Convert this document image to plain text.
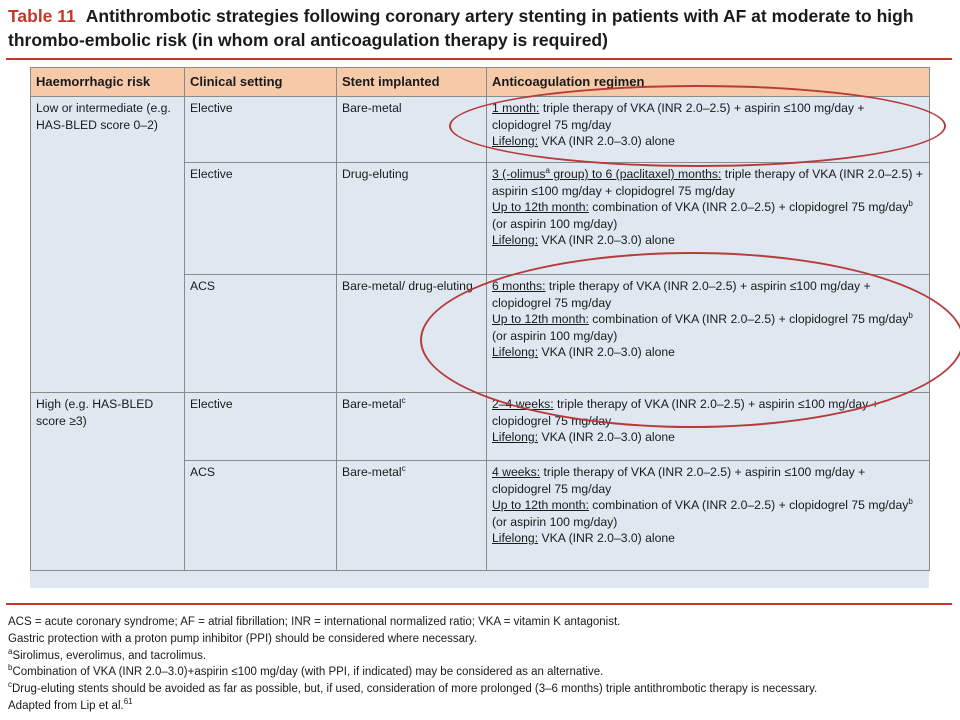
Table 11 Antithrombotic strategies following coronary artery stenting in patients with AF at moderate to high thrombo-embolic risk (in whom oral anticoagulation therapy is required)
Haemorrhagic risk	Clinical setting	Stent implanted	Anticoagulation regimen
Low or intermediate (e.g. HAS-BLED score 0–2)	Elective	Bare-metal	1 month: triple therapy of VKA (INR 2.0–2.5) + aspirin ≤100 mg/day + clopidogrel 75 mg/day
Lifelong: VKA (INR 2.0–3.0) alone

	Elective	Drug-eluting	3 (-olimus$^a$ group) to 6 (paclitaxel) months: triple therapy of VKA (INR 2.0–2.5) + aspirin ≤100 mg/day + clopidogrel 75 mg/day
Up to 12th month: combination of VKA (INR 2.0–2.5) + clopidogrel 75 mg/day$^b$
(or aspirin 100 mg/day)
Lifelong: VKA (INR 2.0–3.0) alone

	ACS	Bare-metal/ drug-eluting	6 months: triple therapy of VKA (INR 2.0–2.5) + aspirin ≤100 mg/day + clopidogrel 75 mg/day
Up to 12th month: combination of VKA (INR 2.0–2.5) + clopidogrel 75 mg/day$^b$
(or aspirin 100 mg/day)
Lifelong: VKA (INR 2.0–3.0) alone

High (e.g. HAS-BLED score ≥3)	Elective	Bare-metal$^c$	2–4 weeks: triple therapy of VKA (INR 2.0–2.5) + aspirin ≤100 mg/day + clopidogrel 75 mg/day
Lifelong: VKA (INR 2.0–3.0) alone

	ACS	Bare-metal$^c$	4 weeks: triple therapy of VKA (INR 2.0–2.5) + aspirin ≤100 mg/day + clopidogrel 75 mg/day
Up to 12th month: combination of VKA (INR 2.0–2.5) + clopidogrel 75 mg/day$^b$
(or aspirin 100 mg/day)
Lifelong: VKA (INR 2.0–3.0) alone
ACS = acute coronary syndrome; AF = atrial fibrillation; INR = international normalized ratio; VKA = vitamin K antagonist.
Gastric protection with a proton pump inhibitor (PPI) should be considered where necessary.
$^a$Sirolimus, everolimus, and tacrolimus.
$^b$Combination of VKA (INR 2.0–3.0)+aspirin ≤100 mg/day (with PPI, if indicated) may be considered as an alternative.
$^c$Drug-eluting stents should be avoided as far as possible, but, if used, consideration of more prolonged (3–6 months) triple antithrombotic therapy is necessary.
Adapted from Lip et al.$^{61}$
